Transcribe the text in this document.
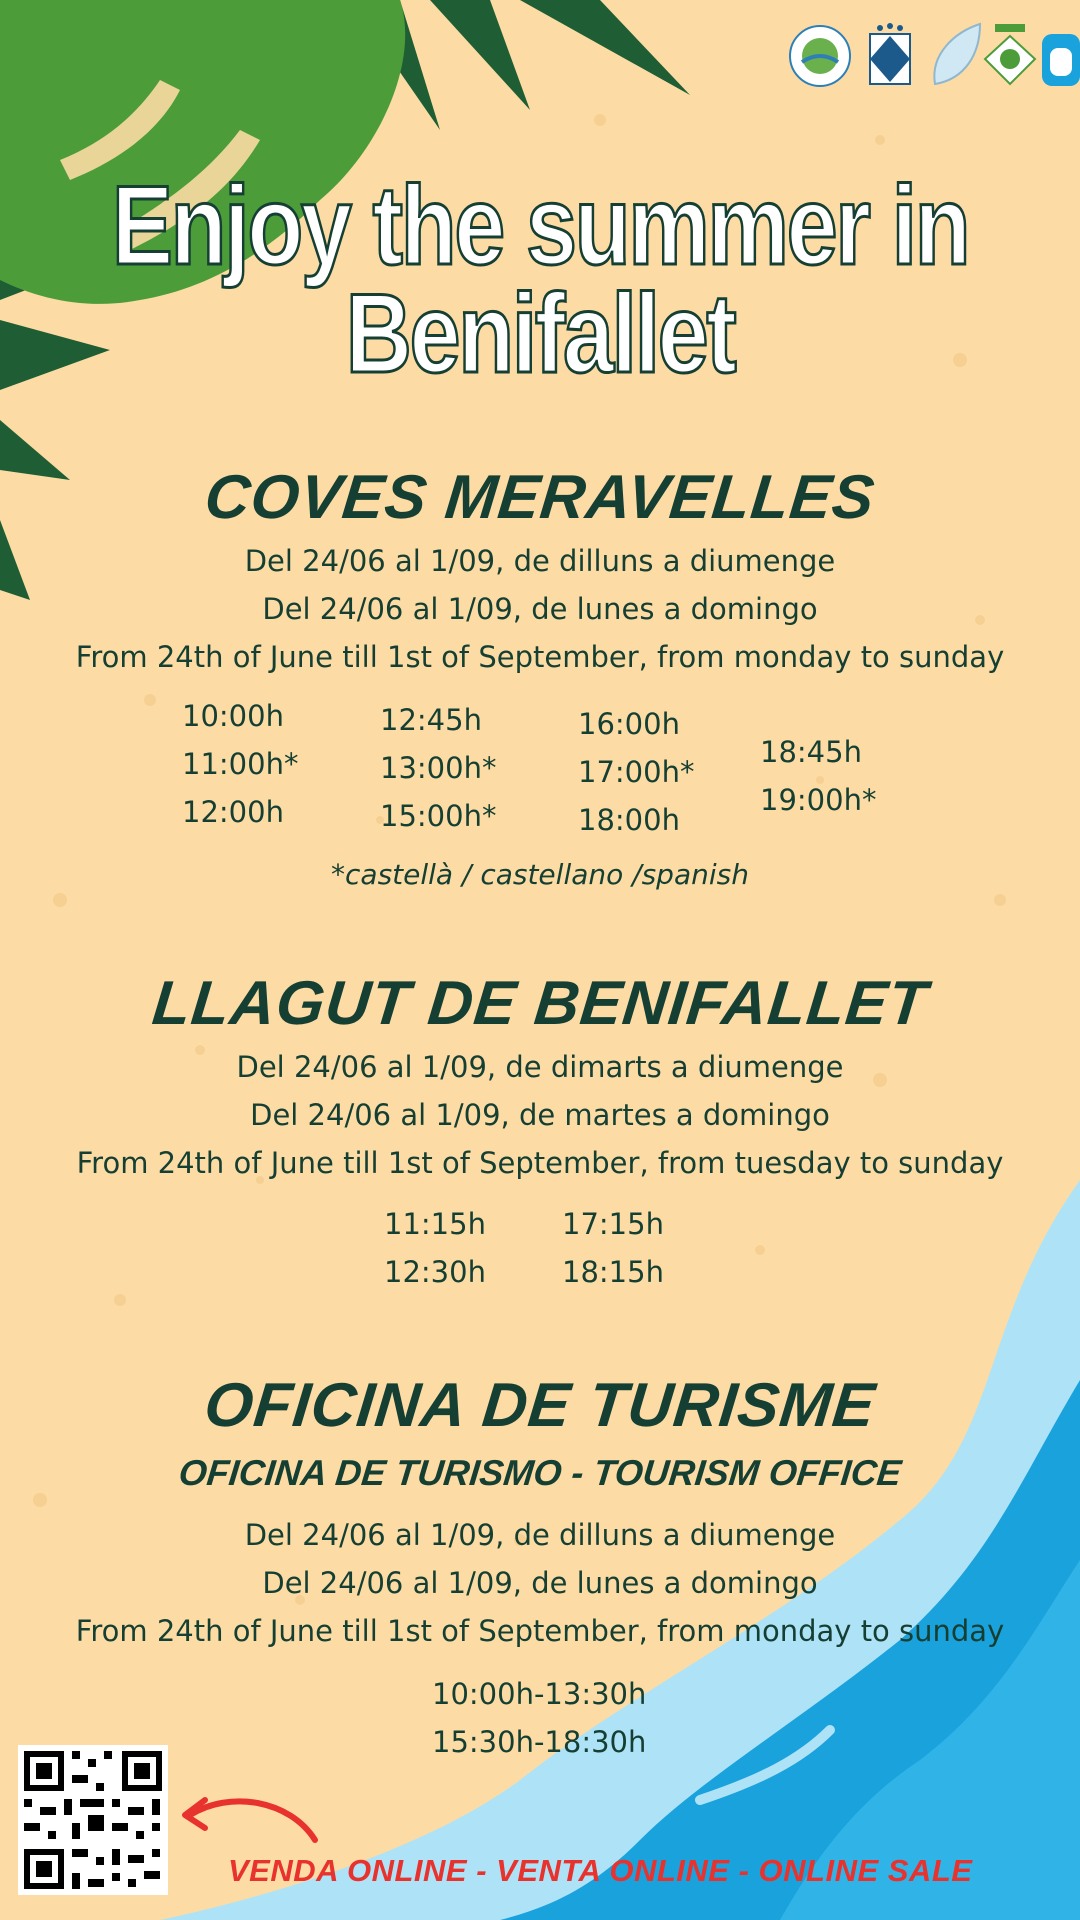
Enjoy the summer in
Benifallet
COVES MERAVELLES
Del 24/06 al 1/09, de dilluns a diumenge
Del 24/06 al 1/09, de lunes a domingo
From 24th of June till 1st of September, from monday to sunday
10:00h
11:00h*
12:00h
12:45h
13:00h*
15:00h*
16:00h
17:00h*
18:00h
18:45h
19:00h*
*castellà / castellano /spanish
LLAGUT DE BENIFALLET
Del 24/06 al 1/09, de dimarts a diumenge
Del 24/06 al 1/09, de martes a domingo
From 24th of June till 1st of September, from tuesday to sunday
11:15h
12:30h
17:15h
18:15h
OFICINA DE TURISME
OFICINA DE TURISMO - TOURISM OFFICE
Del 24/06 al 1/09, de dilluns a diumenge
Del 24/06 al 1/09, de lunes a domingo
From 24th of June till 1st of September, from monday to sunday
10:00h-13:30h
15:30h-18:30h
VENDA ONLINE - VENTA ONLINE - ONLINE SALE
